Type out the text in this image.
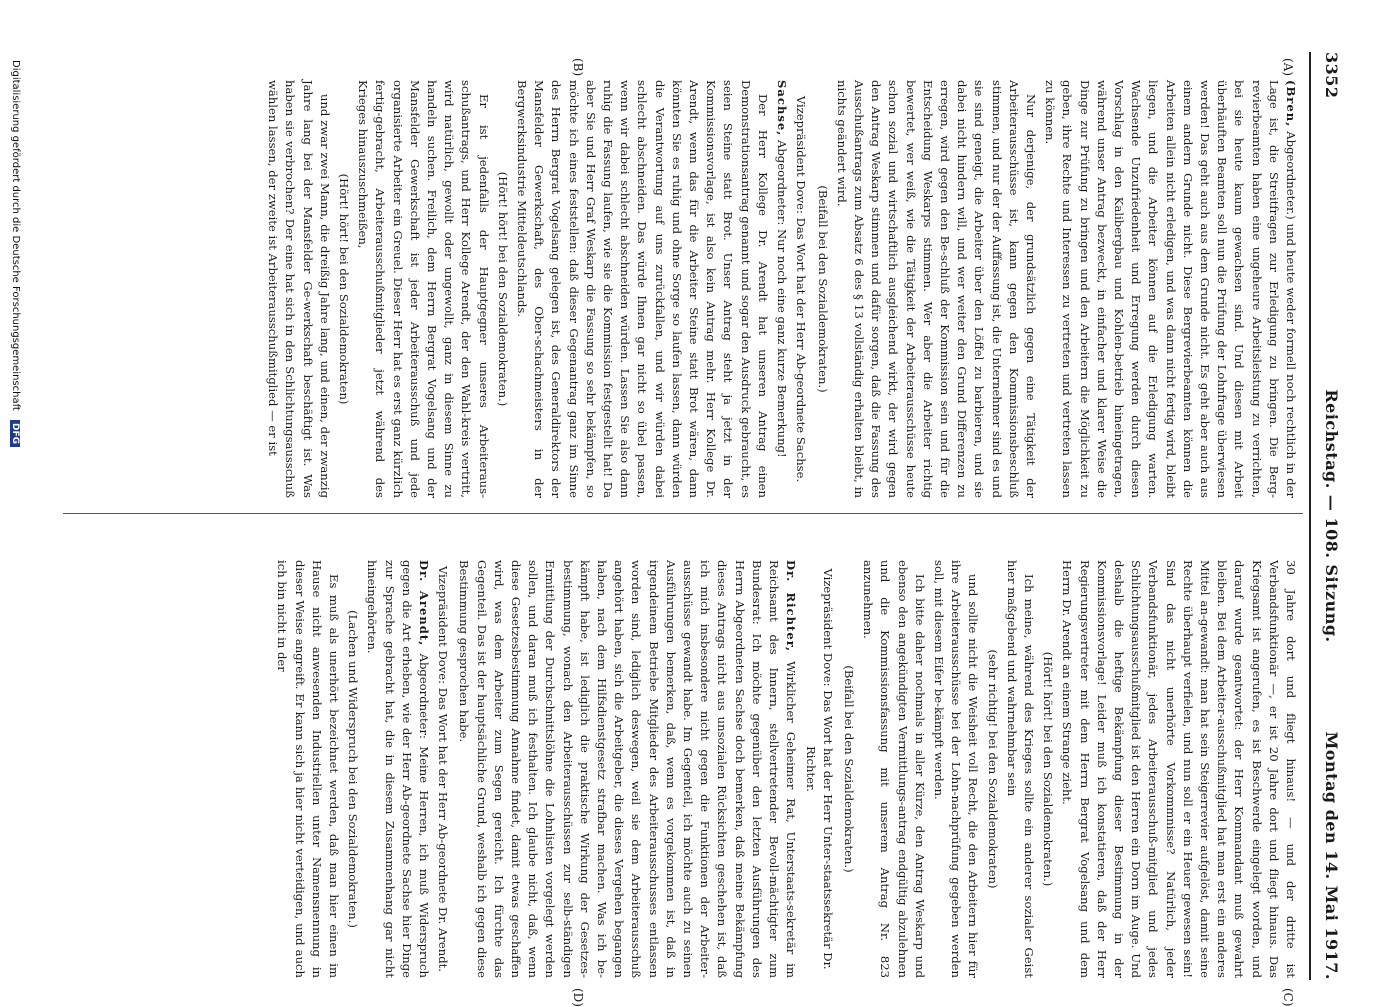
3352
Reichstag. — 108. Sitzung.
Montag den 14. Mai 1917.
(A)
(B)
(C)
(D)

(Bren, Abgeordneter.) und heute weder formell noch rechtlich in der Lage ist, die Streitfragen zur Erledigung zu bringen. Die Berg-revierbeamten haben eine ungeheure Arbeitsleistung zu verrichten, bei sie heute kaum gewachsen sind. Und diesen mit Arbeit überhäuften Beamten soll nun die Prüfung der Lohnfrage überwiesen werden! Das geht auch aus dem Grunde nicht. Es geht aber auch aus einem andern Grunde nicht. Diese Bergrevierbeamten können die Arbeiten allein nicht erledigen, und was dann nicht fertig wird, bleibt liegen, und die Arbeiter können auf die Erledigung warten. Wachsende Unzufriedenheit und Erregung werden durch diesen Vorschlag in den Kalibergbau und Kohlen-betrieb hineingetragen, während unser Antrag bezweckt, in einfacher und klarer Weise die Dinge zur Prüfung zu bringen und den Arbeitern die Möglichkeit zu geben, ihre Rechte und Interessen zu vertreten und vertreten lassen zu können.

Nur derjenige, der grundsätzlich gegen eine Tätigkeit der Arbeiterausschüsse ist, kann gegen den Kommissionsbeschluß stimmen, und nur der der Auffassung ist, die Unternehmer sind es und sie sind geneigt, die Arbeiter über den Löffel zu barbieren, und sie dabei nicht hindern will, und wer weiter den Grund Differenzen zu erregen, wird gegen den Be-schluß der Kommission sein und für die Entscheidung Weskarps stimmen. Wer aber die Arbeiter richtig bewertet, wer weiß, wie die Tätigkeit der Arbeiterausschüsse heute schon sozial und wirtschaftlich ausgleichend wirkt, der wird gegen den Antrag Weskarp stimmen und dafür sorgen, daß die Fassung des Ausschußantrags zum Absatz 6 des § 13 vollständig erhalten bleibt, in nichts geändert wird.

(Beifall bei den Sozialdemokraten.)

Vizepräsident Dove: Das Wort hat der Herr Ab-geordnete Sachse.

Sachse, Abgeordneter: Nur noch eine ganz kurze Bemerkung!

Der Herr Kollege Dr. Arendt hat unseren Antrag einen Demonstrationsantrag genannt und sogar den Ausdruck gebraucht, es seien Steine statt Brot. Unser Antrag steht ja jetzt in der Kommissionsvorlage, ist also kein Antrag mehr. Herr Kollege Dr. Arendt, wenn das für die Arbeiter Steine statt Brot wären, dann könnten Sie es ruhig und ohne Sorge so laufen lassen, dann würden die Verantwortung auf uns zurückfallen, und wir würden dabei schlecht abschneiden. Das würde Ihnen gar nicht so übel passen, wenn wir dabei schlecht abschneiden würden. Lassen Sie also dann ruhig die Fassung laufen, wie sie die Kommission festgestellt hat! Da aber Sie und Herr Graf Weskarp die Fassung so sehr bekämpfen, so möchte ich eines feststellen: daß dieser Gegenantrag ganz im Sinne des Herrn Bergrat Vogelsang gelegen ist, des Generaldirektors der Mansfelder Gewerkschaft, des Ober-schachmeisters in der Bergwerksindustrie Mitteldeutschlands.

(Hört! hört! bei den Sozialdemokraten.)

Er ist jedenfalls der Hauptgegner unseres Arbeiteraus-schußantrags, und Herr Kollege Arendt, der den Wahl-kreis vertritt, wird natürlich, gewollt oder ungewollt, ganz in diesem Sinne zu handeln suchen. Freilich, dem Herrn Bergrat Vogelsang und der Mansfelder Gewerkschaft ist jeder Arbeiterausschuß und jede organisierte Arbeiter ein Greuel. Dieser Herr hat es erst ganz kürzlich fertig-gebracht, Arbeiterausschußmitglieder jetzt während des Krieges hinauszuschmeißen,

(Hört! hört! bei den Sozialdemokraten)

und zwar zwei Mann, die dreißig Jahre lang, und einen, der zwanzig Jahre lang bei der Mansfelder Ge-werkschaft beschäftigt ist. Was haben sie verbrochen? Der eine hat sich in den Schlichtungsausschuß wählen lassen, der zweite ist Arbeiterausschußmitglied — er ist

30 Jahre dort und fliegt hinaus! — und der dritte ist Verbandsfunktionär —, er ist 20 Jahre dort und fliegt hinaus. Das Kriegsamt ist angerufen, es ist Beschwerde eingelegt worden, und darauf wurde geantwortet: der Herr Kommandant muß gewahrt bleiben. Bei dem Arbeiter-ausschußmitglied hat man erst ein anderes Mittel an-gewandt: man hat sein Steigerrevier aufgelöst, damit seine Rechte überhaupt verfielen, und nun soll er ein Heuer gewesen sein! Sind das nicht unerhörte Vorkommnisse? Natürlich, jeder Verbandsfunktionär, jedes Arbeiterausschuß-mitglied und jedes Schlichtungsausschußmitglied ist den Herren ein Dorn im Auge. Und deshalb die heftige Bekämpfung dieser Bestimmung in der Kommissionsvorlage! Leider muß ich konstatieren, daß der Herr Regierungsvertreter mit dem Herrn Bergrat Vogelsang und dem Herrn Dr. Arendt an einem Strange zieht.

(Hört! hört! bei den Sozialdemokraten.)

Ich meine, während des Krieges sollte ein anderer sozialer Geist hier maßgebend und wahrnehmbar sein

(sehr richtig! bei den Sozialdemokraten)

und sollte nicht die Weisheit voll Recht, die den Arbeitern hier für ihre Arbeiterausschüsse bei der Lohn-nachprüfung gegeben werden soll, mit diesem Eifer be-kämpft werden.

Ich bitte daher nochmals in aller Kürze, den Antrag Weskarp und ebenso den angekündigten Vermittlungs-antrag endgültig abzulehnen und die Kommissionsfassung mit unserem Antrag Nr. 823 anzunehmen.

(Beifall bei den Sozialdemokraten.)

Vizepräsident Dove: Das Wort hat der Herr Unter-staatssekretär Dr. Richter.

Dr. Richter, Wirklicher Geheimer Rat, Unterstaats-sekretär im Reichsamt des Innern, stellvertretender Bevoll-mächtigter zum Bundesrat: Ich möchte gegenüber den letzten Ausführungen des Herrn Abgeordneten Sachse doch bemerken, daß meine Bekämpfung dieses Antrags nicht aus unsozialen Rücksichten geschehen ist, daß ich mich insbesondere nicht gegen die Funktionen der Arbeiter-ausschüsse gewandt habe. Im Gegenteil, ich möchte auch zu seinen Ausführungen bemerken, daß, wenn es vorgekommen ist, daß in irgendeinem Betriebe Mitglieder des Arbeiterausschusses entlassen worden sind, lediglich deswegen, weil sie dem Arbeiterausschuß angehört haben, sich die Arbeitgeber, die dieses Vergehen begangen haben, nach dem Hilfsdienstgesetz strafbar machen. Was ich be-kämpft habe, ist lediglich die praktische Wirkung der Gesetzes-bestimmung, wonach den Arbeiterausschüssen zur selb-ständigen Ermittlung der Durchschnittslöhne die Lohnlisten vorgelegt werden sollen, und daran muß ich festhalten. Ich glaube nicht, daß, wenn diese Gesetzesbestimmung Annahme findet, damit etwas geschaffen wird, was dem Arbeiter zum Segen gereicht. Ich fürchte das Gegenteil. Das ist der hauptsächliche Grund, weshalb ich gegen diese Bestimmung gesprochen habe.

Vizepräsident Dove: Das Wort hat der Herr Ab-geordnete Dr. Arendt.

Dr. Arendt, Abgeordneter: Meine Herren, ich muß Widerspruch gegen die Art erheben, wie der Herr Ab-geordnete Sachse hier Dinge zur Sprache gebracht hat, die in diesem Zusammenhang gar nicht hineingehörten.

(Lachen und Widerspruch bei den Sozialdemokraten.)

Es muß als unerhört bezeichnet werden, daß man hier einen im Hause nicht anwesenden Industriellen unter Namensnennung in dieser Weise angreift. Er kann sich ja hier nicht verteidigen, und auch ich bin nicht in der

Digitalisierung gefördert durch die Deutsche Forschungsgemeinschaft DFG
